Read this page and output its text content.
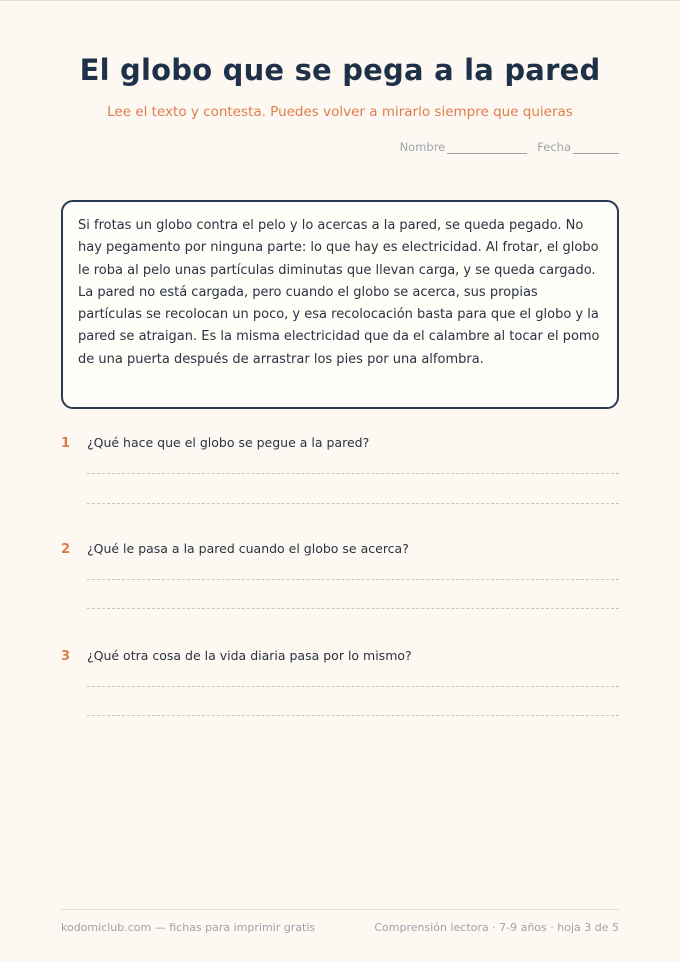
El globo que se pega a la pared

Lee el texto y contesta. Puedes volver a mirarlo siempre que quieras

Nombre	Fecha
Si frotas un globo contra el pelo y lo acercas a la pared, se queda pegado. No hay pegamento por ninguna parte: lo que hay es electricidad. Al frotar, el globo le roba al pelo unas partículas diminutas que llevan carga, y se queda cargado. La pared no está cargada, pero cuando el globo se acerca, sus propias partículas se recolocan un poco, y esa recolocación basta para que el globo y la pared se atraigan. Es la misma electricidad que da el calambre al tocar el pomo de una puerta después de arrastrar los pies por una alfombra.
1	¿Qué hace que el globo se pegue a la pared?
2	¿Qué le pasa a la pared cuando el globo se acerca?
3	¿Qué otra cosa de la vida diaria pasa por lo mismo?
kodomiclub.com — fichas para imprimir gratis	Comprensión lectora · 7-9 años · hoja 3 de 5
